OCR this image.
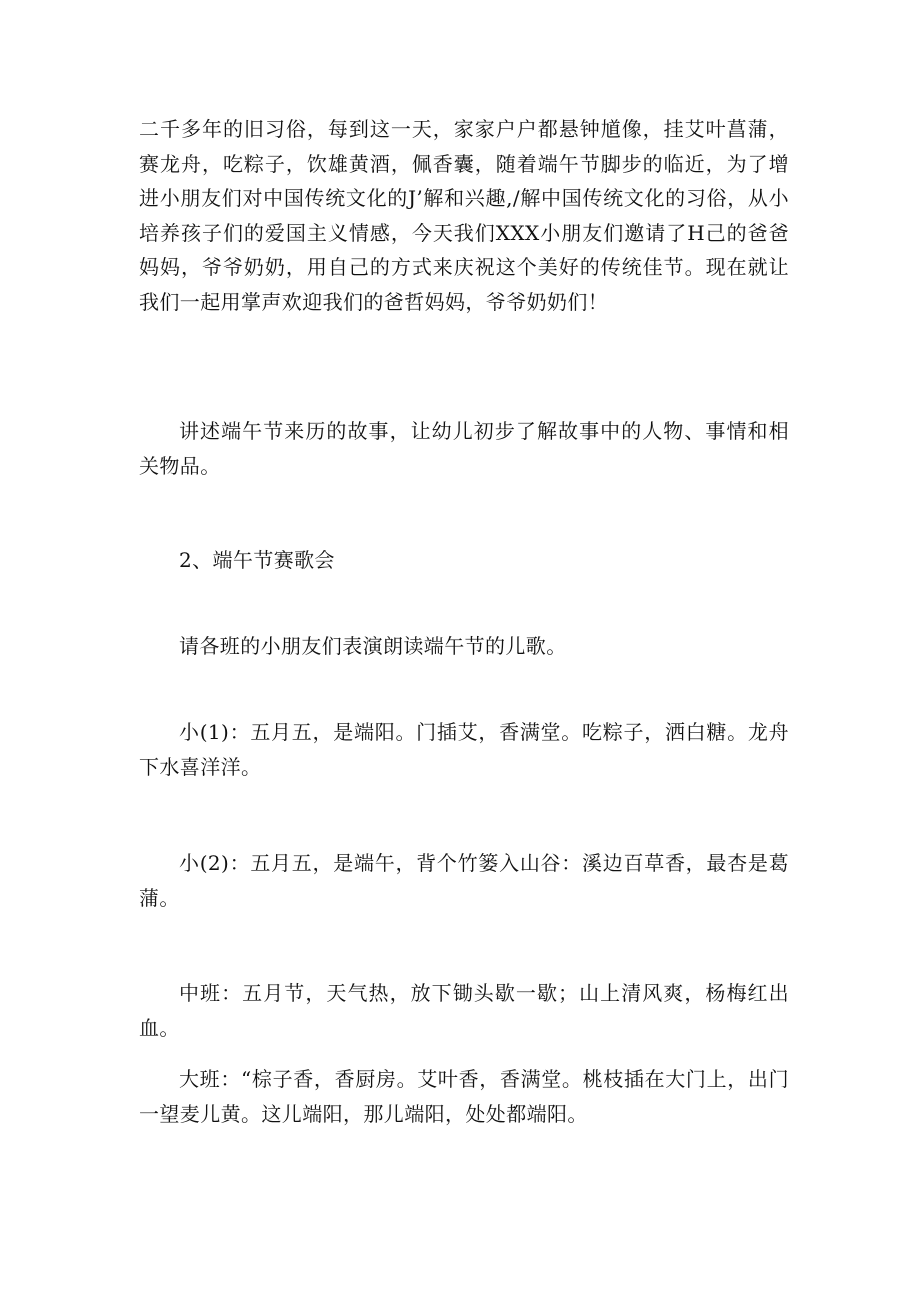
二千多年的旧习俗，每到这一天，家家户户都悬钟馗像，挂艾叶菖蒲，赛龙舟，吃粽子，饮雄黄酒，佩香囊，随着端午节脚步的临近，为了增进小朋友们对中国传统文化的J’解和兴趣,/解中国传统文化的习俗，从小培养孩子们的爱国主义情感，今天我们XXX小朋友们邀请了H己的爸爸妈妈，爷爷奶奶，用自己的方式来庆祝这个美好的传统佳节。现在就让我们一起用掌声欢迎我们的爸哲妈妈，爷爷奶奶们！

讲述端午节来历的故事，让幼儿初步了解故事中的人物、事情和相关物品。

2、端午节赛歌会

请各班的小朋友们表演朗读端午节的儿歌。

小(1)：五月五，是端阳。门插艾，香满堂。吃粽子，洒白糖。龙舟下水喜洋洋。

小(2)：五月五，是端午，背个竹篓入山谷：溪边百草香，最杏是葛蒲。

中班：五月节，天气热，放下锄头歇一歇；山上清风爽，杨梅红出血。

大班：“棕子香，香厨房。艾叶香，香满堂。桃枝插在大门上，出门一望麦儿黄。这儿端阳，那儿端阳，处处都端阳。
